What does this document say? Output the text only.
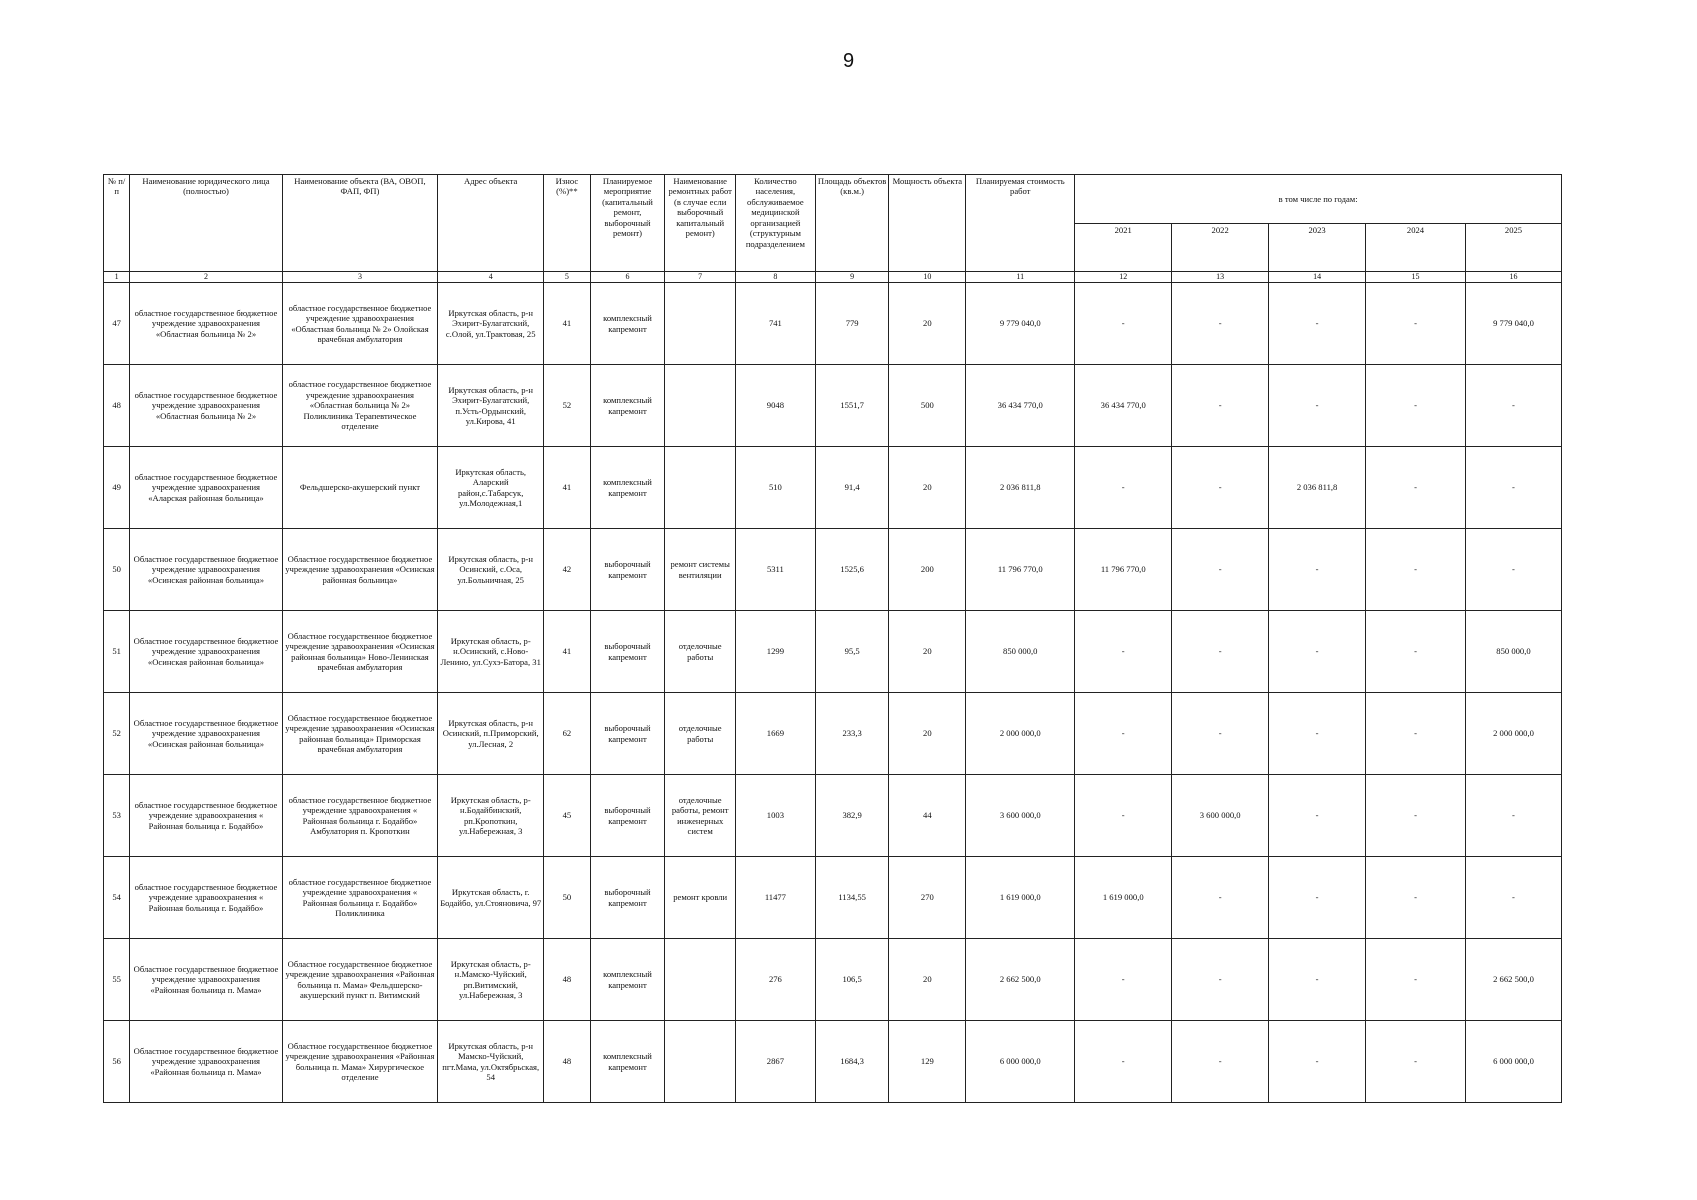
9
№ п/п	Наименование юридического лица (полностью)	Наименование объекта (ВА, ОВОП, ФАП, ФП)	Адрес объекта	Износ (%)**	Планируемое мероприятие (капитальный ремонт, выборочный ремонт)	Наименование ремонтных работ (в случае если выборочный капитальный ремонт)	Количество населения, обслуживаемое медицинской организацией (структурным подразделением	Площадь объектов (кв.м.)	Мощность объекта	Планируемая стоимость работ	в том числе по годам:				
											2021	2022	2023	2024	2025
1	2	3	4	5	6	7	8	9	10	11	12	13	14	15	16
47	областное государственное бюджетное учреждение здравоохранения «Областная больница № 2»	областное государственное бюджетное учреждение здравоохранения «Областная больница № 2» Олойская врачебная амбулатория	Иркутская область, р-н Эхирит-Булагатский, с.Олой, ул.Трактовая, 25	41	комплексный капремонт		741	779	20	9 779 040,0	-	-	-	-	9 779 040,0
48	областное государственное бюджетное учреждение здравоохранения «Областная больница № 2»	областное государственное бюджетное учреждение здравоохранения «Областная больница № 2» Поликлиника Терапевтическое отделение	Иркутская область, р-н Эхирит-Булагатский, п.Усть-Ордынский, ул.Кирова, 41	52	комплексный капремонт		9048	1551,7	500	36 434 770,0	36 434 770,0	-	-	-	-
49	областное государственное бюджетное учреждение здравоохранения «Аларская районная больница»	Фельдшерско-акушерский пункт	Иркутская область, Аларский район,с.Табарсук, ул.Молодежная,1	41	комплексный капремонт		510	91,4	20	2 036 811,8	-	-	2 036 811,8	-	-
50	Областное государственное бюджетное учреждение здравоохранения «Осинская районная больница»	Областное государственное бюджетное учреждение здравоохранения «Осинская районная больница»	Иркутская область, р-н Осинский, с.Оса, ул.Больничная, 25	42	выборочный капремонт	ремонт системы вентиляции	5311	1525,6	200	11 796 770,0	11 796 770,0	-	-	-	-
51	Областное государственное бюджетное учреждение здравоохранения «Осинская районная больница»	Областное государственное бюджетное учреждение здравоохранения «Осинская районная больница» Ново-Ленинская врачебная амбулатория	Иркутская область, р-н.Осинский, с.Ново-Ленино, ул.Сухэ-Батора, 31	41	выборочный капремонт	отделочные работы	1299	95,5	20	850 000,0	-	-	-	-	850 000,0
52	Областное государственное бюджетное учреждение здравоохранения «Осинская районная больница»	Областное государственное бюджетное учреждение здравоохранения «Осинская районная больница» Приморская врачебная амбулатория	Иркутская область, р-н Осинский, п.Приморский, ул.Лесная, 2	62	выборочный капремонт	отделочные работы	1669	233,3	20	2 000 000,0	-	-	-	-	2 000 000,0
53	областное государственное бюджетное учреждение здравоохранения « Районная больница г. Бодайбо»	областное государственное бюджетное учреждение здравоохранения « Районная больница г. Бодайбо» Амбулатория п. Кропоткин	Иркутская область, р-н.Бодайбинский, рп.Кропоткин, ул.Набережная, 3	45	выборочный капремонт	отделочные работы, ремонт инженерных систем	1003	382,9	44	3 600 000,0	-	3 600 000,0	-	-	-
54	областное государственное бюджетное учреждение здравоохранения « Районная больница г. Бодайбо»	областное государственное бюджетное учреждение здравоохранения « Районная больница г. Бодайбо» Поликлиника	Иркутская область, г. Бодайбо, ул.Стояновича, 97	50	выборочный капремонт	ремонт кровли	11477	1134,55	270	1 619 000,0	1 619 000,0	-	-	-	-
55	Областное государственное бюджетное учреждение здравоохранения «Районная больница п. Мама»	Областное государственное бюджетное учреждение здравоохранения «Районная больница п. Мама» Фельдшерско-акушерский пункт п. Витимский	Иркутская область, р-н.Мамско-Чуйский, рп.Витимский, ул.Набережная, 3	48	комплексный капремонт		276	106,5	20	2 662 500,0	-	-	-	-	2 662 500,0
56	Областное государственное бюджетное учреждение здравоохранения «Районная больница п. Мама»	Областное государственное бюджетное учреждение здравоохранения «Районная больница п. Мама» Хирургическое отделение	Иркутская область, р-н Мамско-Чуйский, пгт.Мама, ул.Октябрьская, 54	48	комплексный капремонт		2867	1684,3	129	6 000 000,0	-	-	-	-	6 000 000,0
